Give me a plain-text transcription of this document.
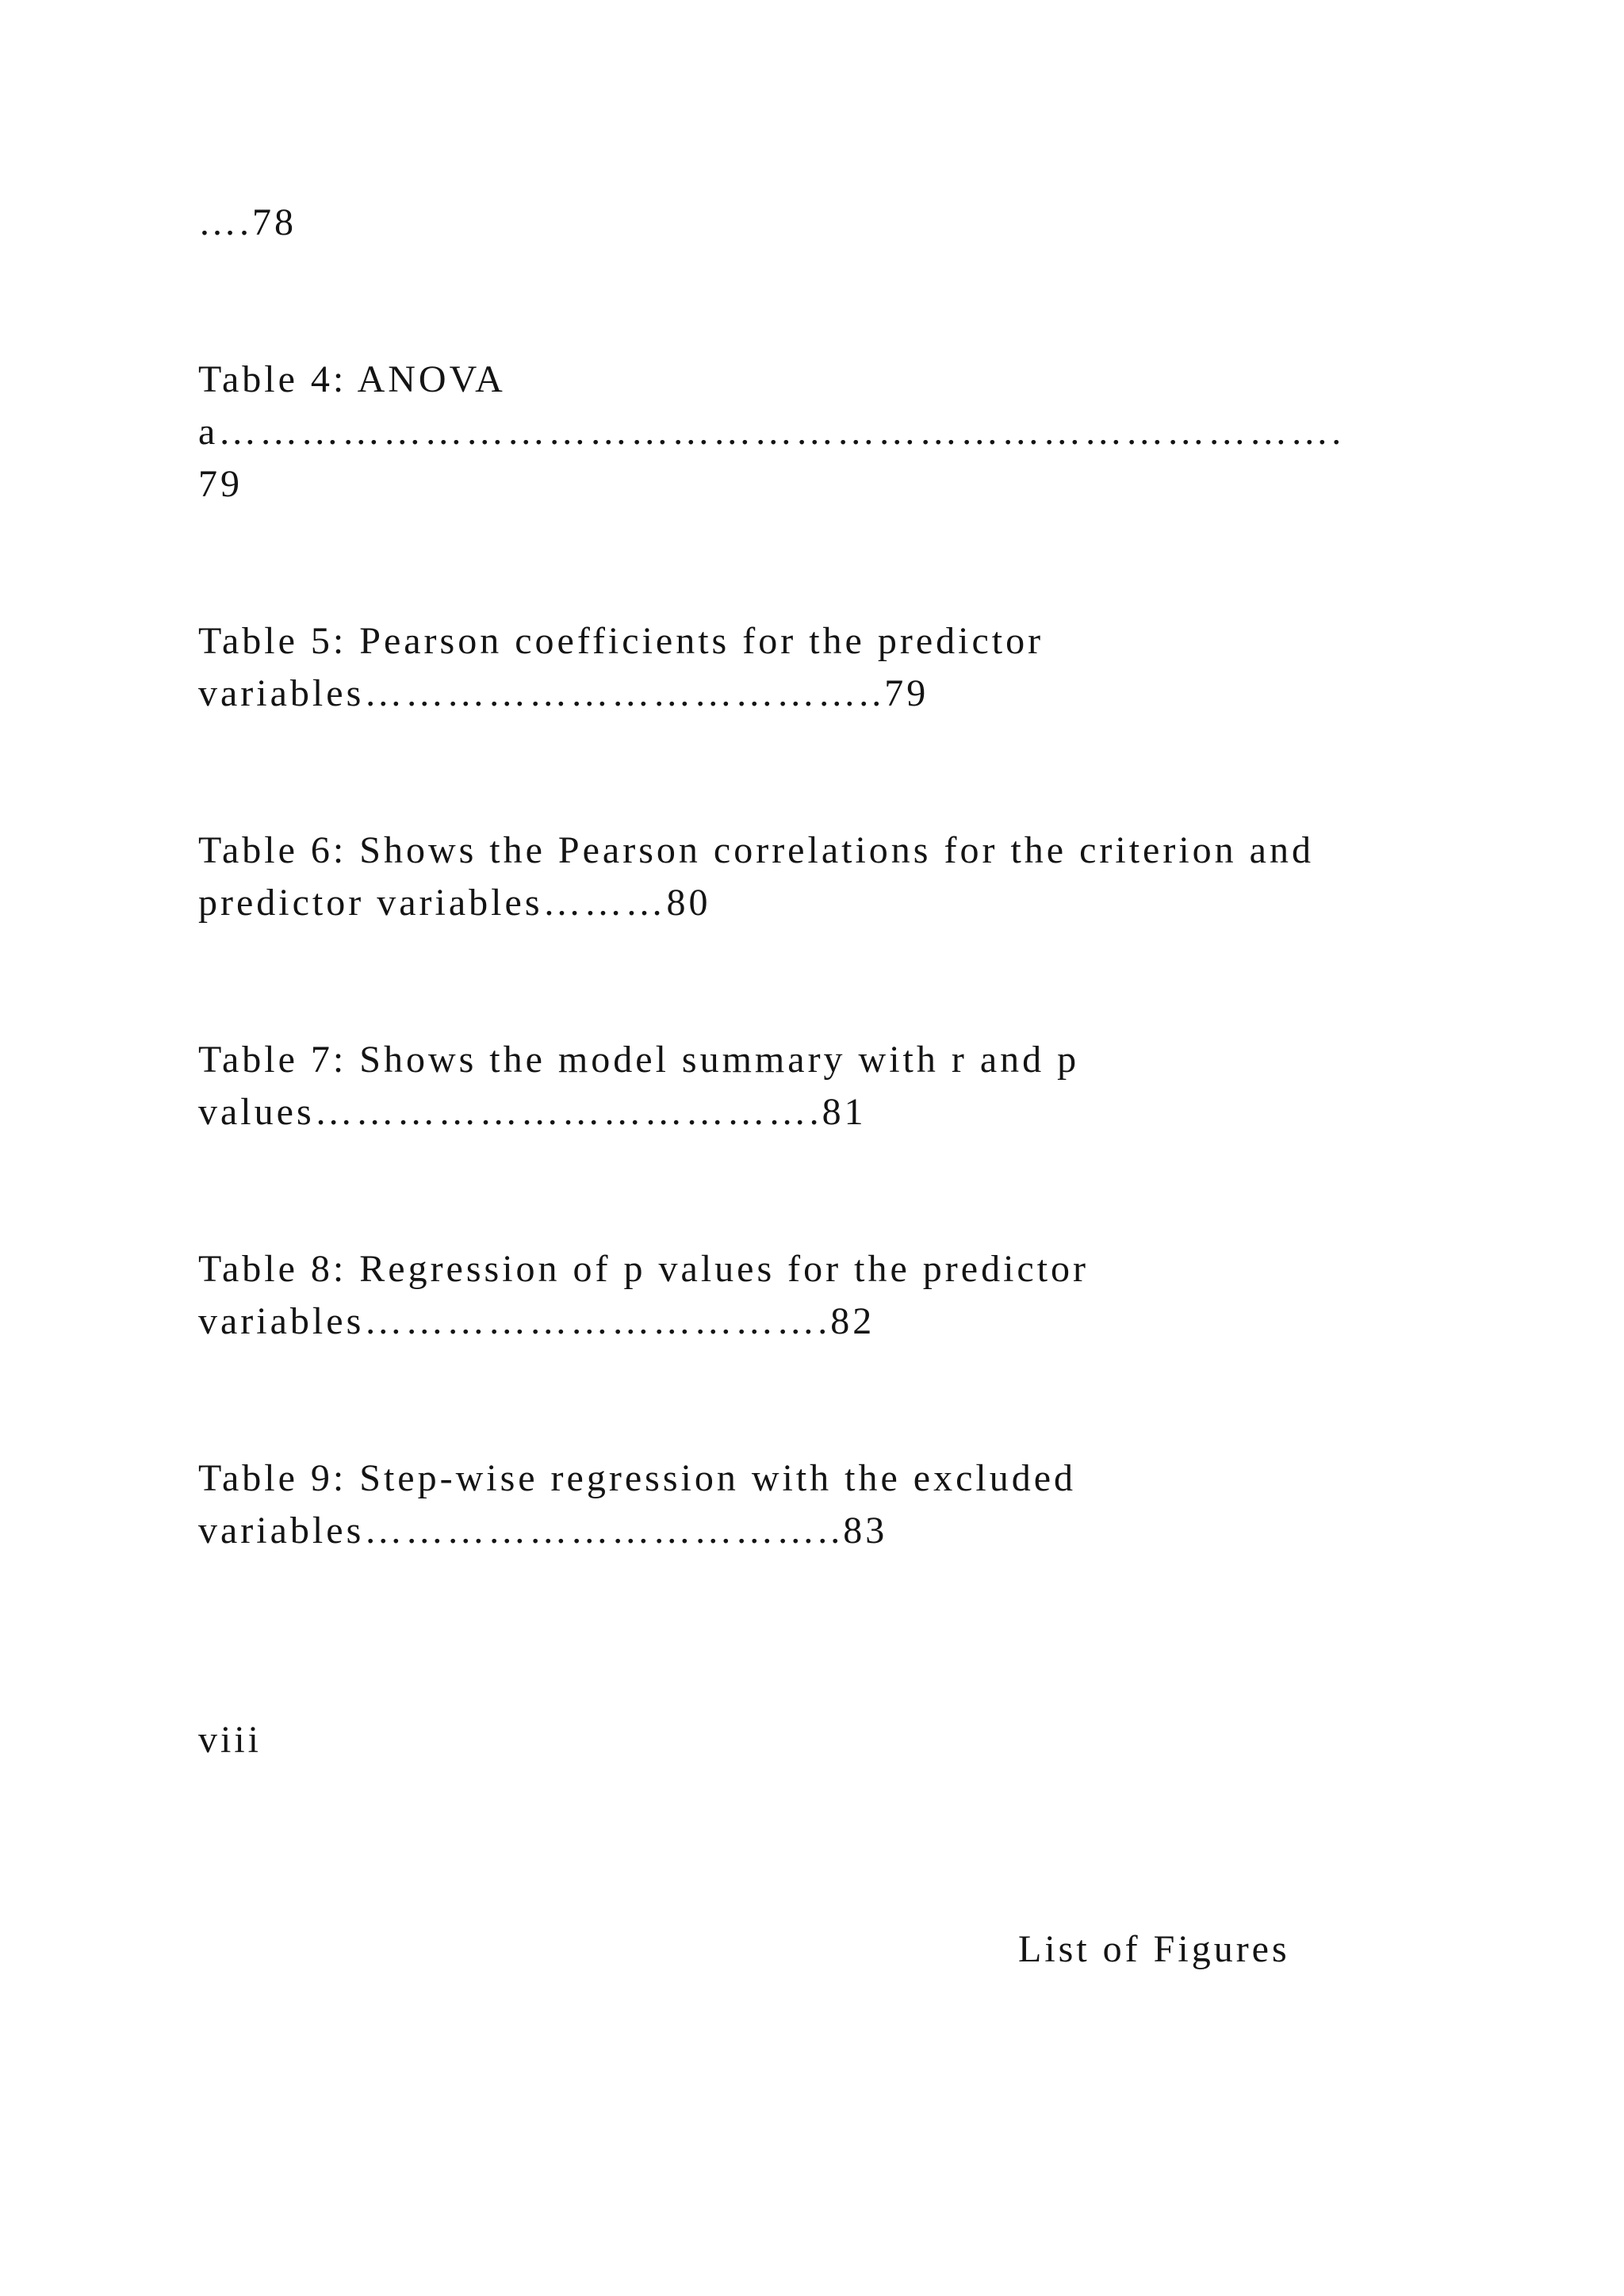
….78
Table 4: ANOVA
a……………………………………………………………………….
79
Table 5: Pearson coefficients for the predictor
variables………………………………..79
Table 6: Shows the Pearson correlations for the criterion and
predictor variables………80
Table 7: Shows the model summary with r and p
values……………………………….81
Table 8: Regression of p values for the predictor
variables…………………………….82
Table 9: Step-wise regression with the excluded
variables……………………………..83
viii
List of Figures
